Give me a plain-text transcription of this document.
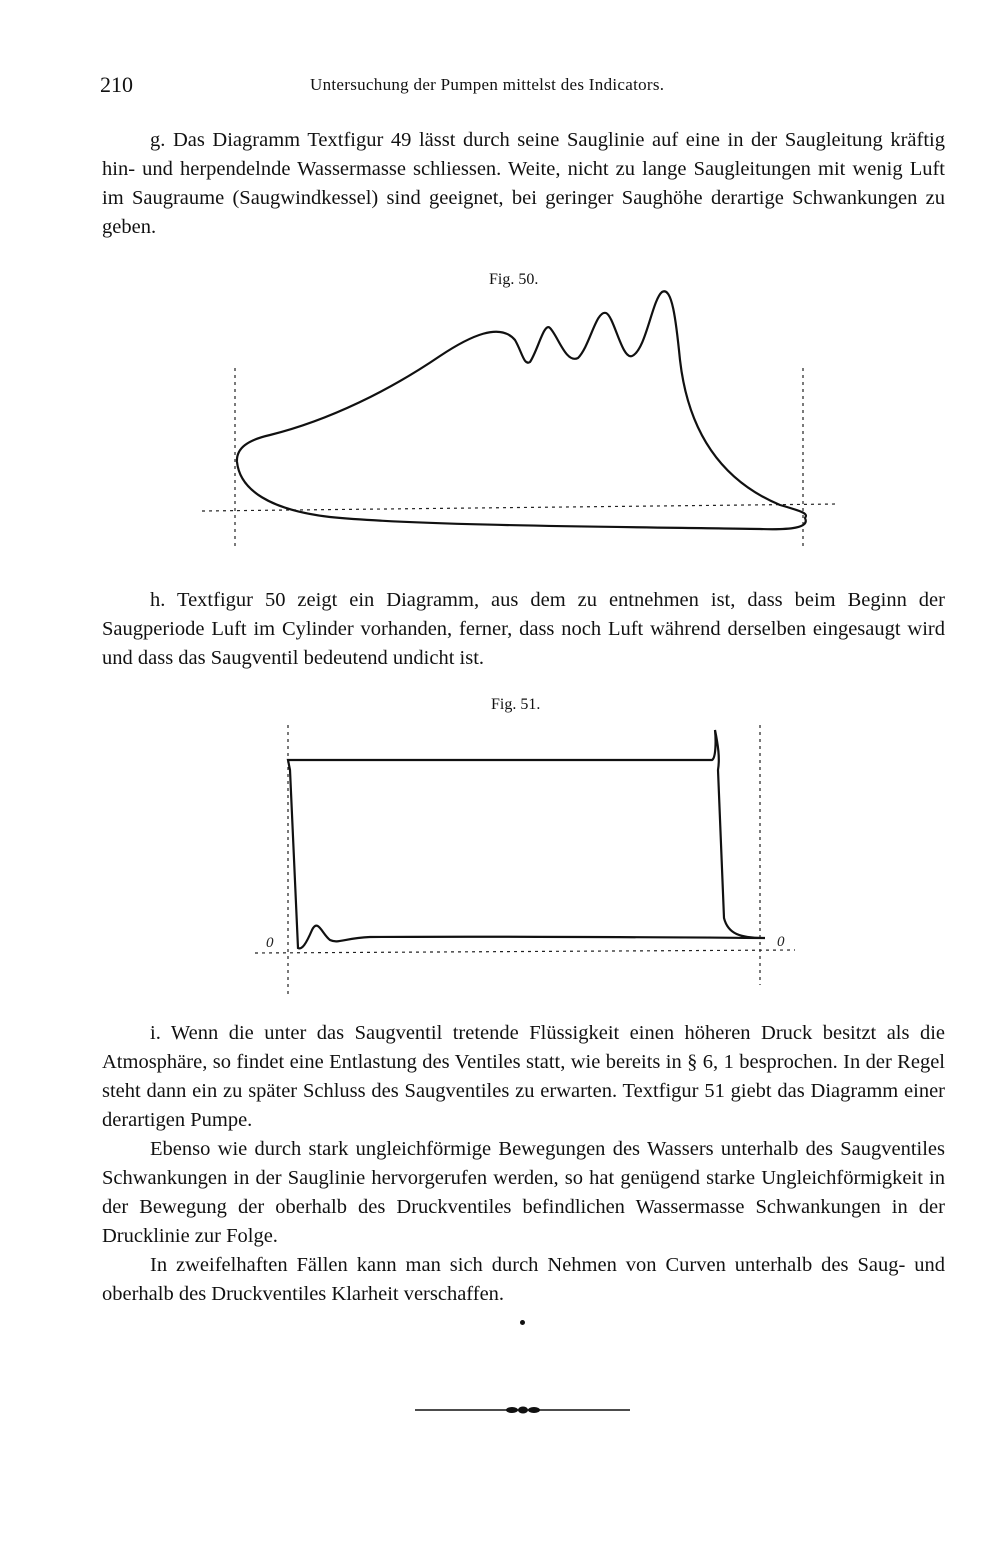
210	Untersuchung der Pumpen mittelst des Indicators.

g. Das Diagramm Textfigur 49 lässt durch seine Sauglinie auf eine in der Saugleitung kräftig hin- und herpendelnde Wassermasse schliessen. Weite, nicht zu lange Saugleitungen mit wenig Luft im Saugraume (Saugwindkessel) sind geeignet, bei geringer Saughöhe derartige Schwankungen zu geben.

Fig. 50.

h. Textfigur 50 zeigt ein Diagramm, aus dem zu entnehmen ist, dass beim Beginn der Saugperiode Luft im Cylinder vorhanden, ferner, dass noch Luft während derselben eingesaugt wird und dass das Saugventil bedeutend undicht ist.

Fig. 51.
0	0

i. Wenn die unter das Saugventil tretende Flüssigkeit einen höheren Druck besitzt als die Atmosphäre, so findet eine Entlastung des Ventiles statt, wie bereits in § 6, 1 besprochen. In der Regel steht dann ein zu später Schluss des Saugventiles zu erwarten. Textfigur 51 giebt das Diagramm einer derartigen Pumpe.

Ebenso wie durch stark ungleichförmige Bewegungen des Wassers unterhalb des Saugventiles Schwankungen in der Sauglinie hervorgerufen werden, so hat genügend starke Ungleichförmigkeit in der Bewegung der oberhalb des Druckventiles befindlichen Wassermasse Schwankungen in der Drucklinie zur Folge.

In zweifelhaften Fällen kann man sich durch Nehmen von Curven unterhalb des Saug- und oberhalb des Druckventiles Klarheit verschaffen.
